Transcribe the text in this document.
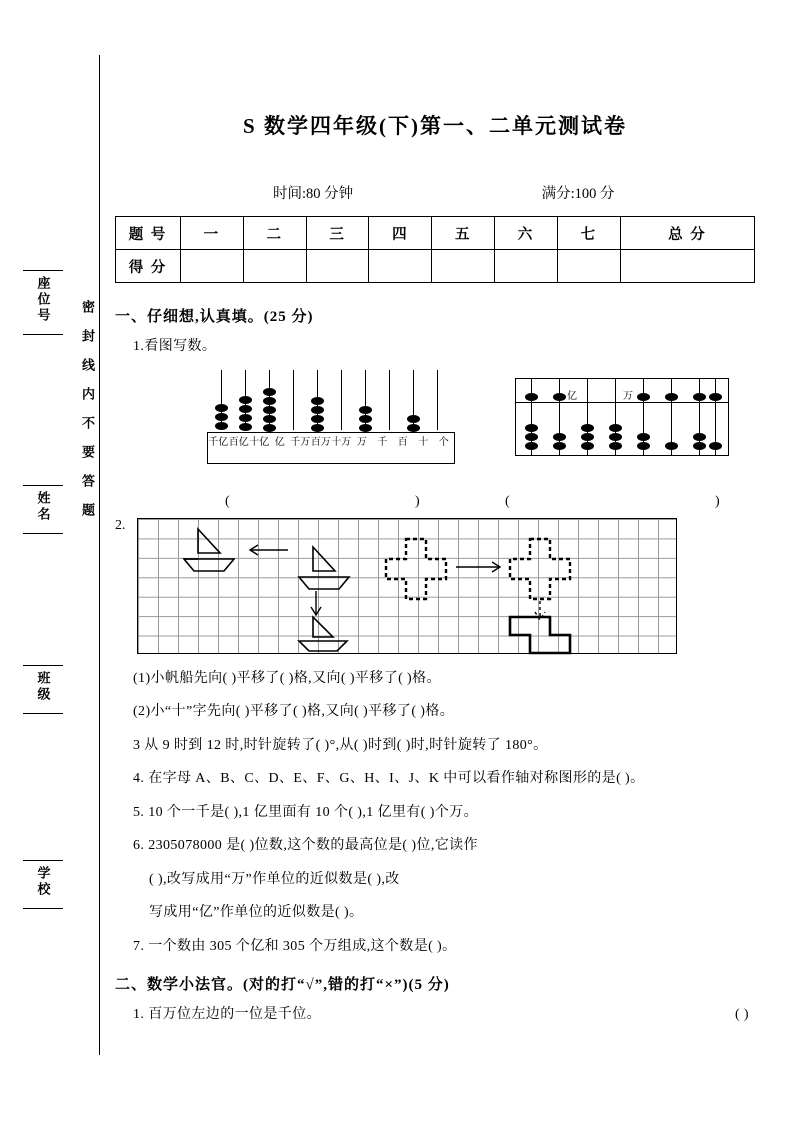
密封线内不要答题
学校
班级
姓名
座位号
S 数学四年级(下)第一、二单元测试卷
时间:80 分钟	满分:100 分
题 号	一	二	三	四	五	六	七	总 分
得 分								
一、仔细想,认真填。(25 分)
1.看图写数。
千亿 百亿 十亿 亿 千万 百万 十万 万	千	百	十	个
亿	万
(	)	(	)
2.
(1)小帆船先向( )平移了( )格,又向( )平移了( )格。
(2)小“十”字先向( )平移了( )格,又向( )平移了( )格。
3 从 9 时到 12 时,时针旋转了( )°,从( )时到( )时,时针旋转了 180°。
4. 在字母 A、B、C、D、E、F、G、H、I、J、K 中可以看作轴对称图形的是( )。
5. 10 个一千是( ),1 亿里面有 10 个( ),1 亿里有( )个万。
6. 2305078000 是( )位数,这个数的最高位是( )位,它读作
( ),改写成用“万”作单位的近似数是( ),改
写成用“亿”作单位的近似数是( )。
7. 一个数由 305 个亿和 305 个万组成,这个数是( )。
二、数学小法官。(对的打“√”,错的打“×”)(5 分)
( )
1. 百万位左边的一位是千位。
